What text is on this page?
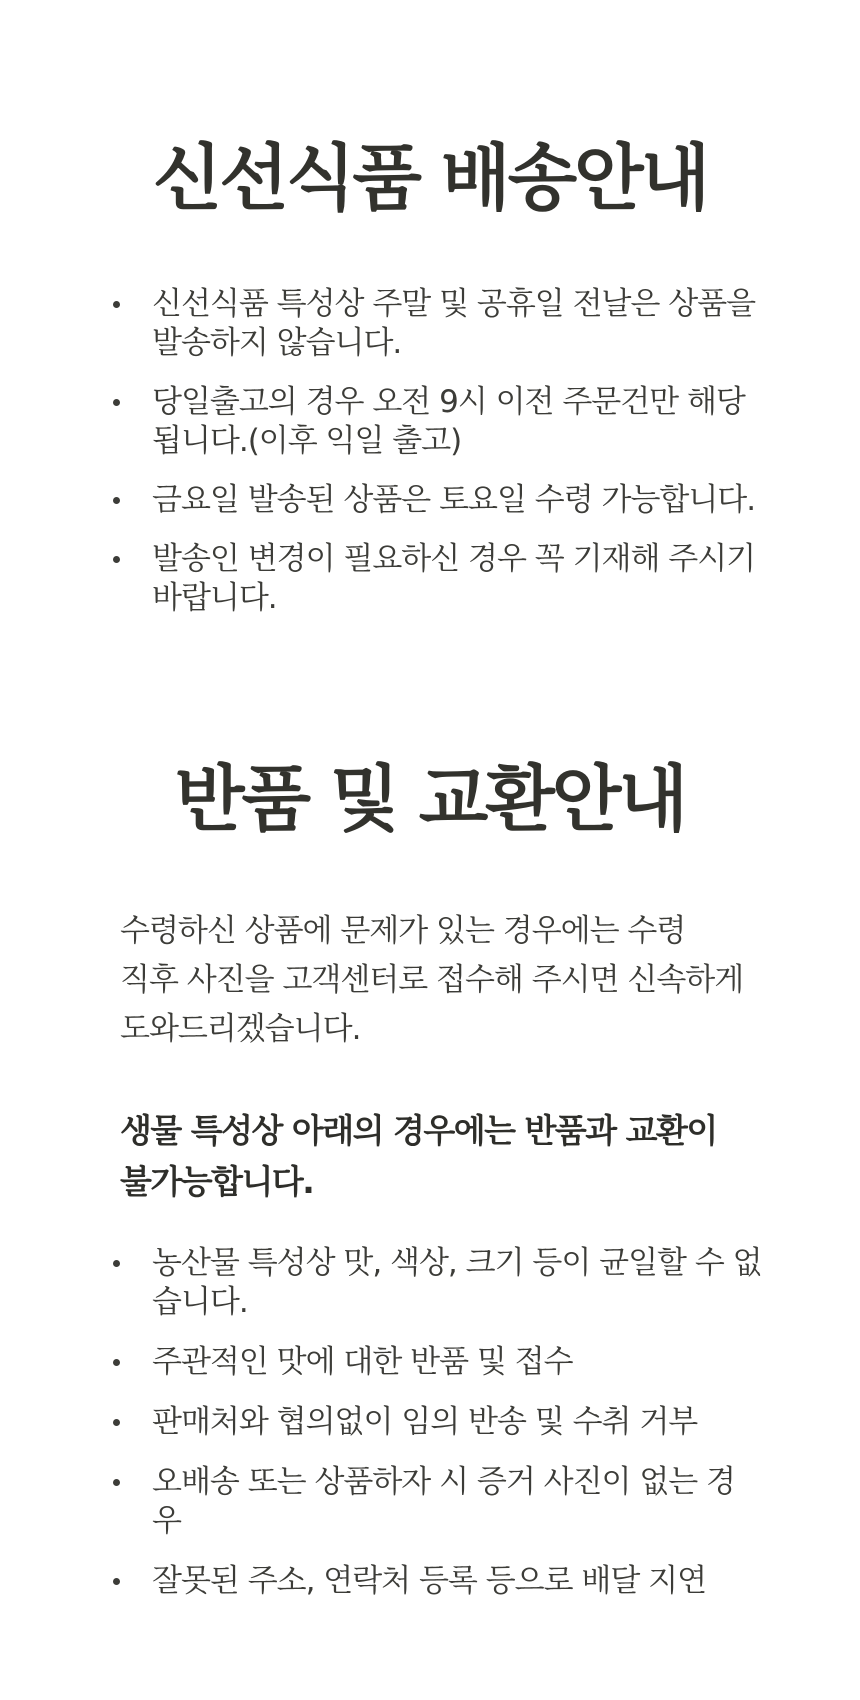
신선식품 배송안내
신선식품 특성상 주말 및 공휴일 전날은 상품을 발송하지 않습니다.
당일출고의 경우 오전 9시 이전 주문건만 해당 됩니다.(이후 익일 출고)
금요일 발송된 상품은 토요일 수령 가능합니다.
발송인 변경이 필요하신 경우 꼭 기재해 주시기 바랍니다.
반품 및 교환안내

수령하신 상품에 문제가 있는 경우에는 수령
직후 사진을 고객센터로 접수해 주시면 신속하게
도와드리겠습니다.

생물 특성상 아래의 경우에는 반품과 교환이
불가능합니다.

농산물 특성상 맛, 색상, 크기 등이 균일할 수 없습니다.
주관적인 맛에 대한 반품 및 접수
판매처와 협의없이 임의 반송 및 수취 거부
오배송 또는 상품하자 시 증거 사진이 없는 경우
잘못된 주소, 연락처 등록 등으로 배달 지연
